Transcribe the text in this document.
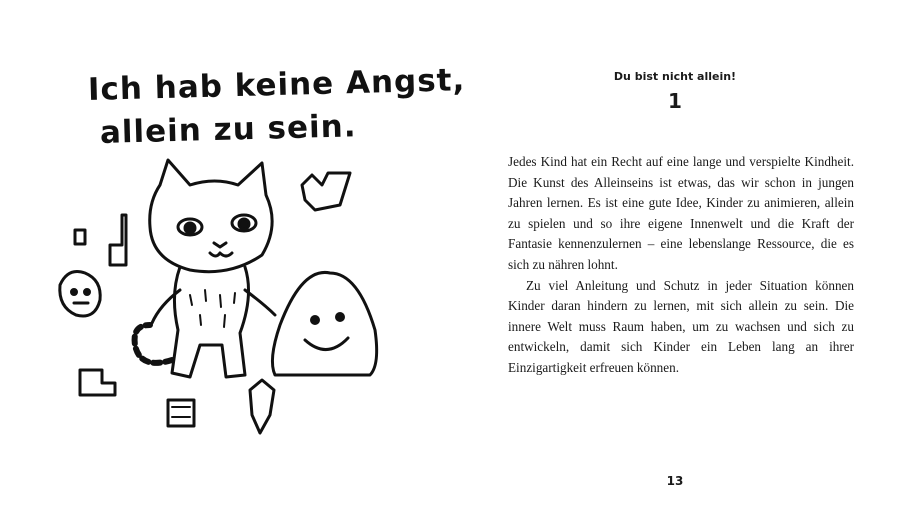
Ich hab keine Angst,
allein zu sein.
Du bist nicht allein!
1

Jedes Kind hat ein Recht auf eine lange und verspielte Kindheit. Die Kunst des Alleinseins ist etwas, das wir schon in jungen Jahren lernen. Es ist eine gute Idee, Kinder zu animieren, allein zu spielen und so ihre eigene Innenwelt und die Kraft der Fantasie kennenzulernen – eine lebenslange Ressource, die es sich zu nähren lohnt.

Zu viel Anleitung und Schutz in jeder Situation können Kinder daran hindern zu lernen, mit sich allein zu sein. Die innere Welt muss Raum haben, um zu wachsen und sich zu entwickeln, damit sich Kinder ein Leben lang an ihrer Einzigartigkeit erfreuen können.

13
